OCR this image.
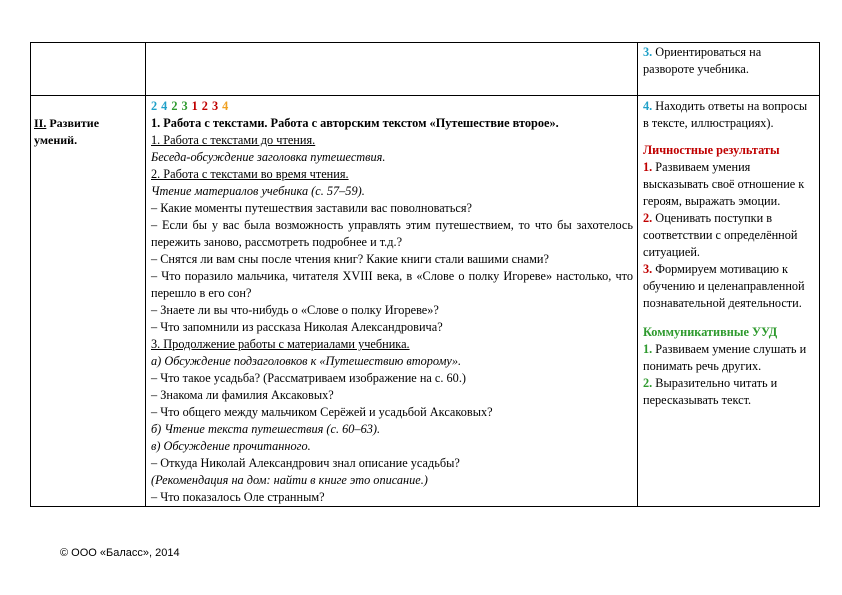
3. Ориентироваться на развороте учебника.

II. Развитие

умений.

2 4 2 3 1 2 3 4

1. Работа с текстами. Работа с авторским текстом «Путешествие второе».

1. Работа с текстами до чтения.

Беседа-обсуждение заголовка путешествия.

2. Работа с текстами во время чтения.

Чтение материалов учебника (с. 57–59).

– Какие моменты путешествия заставили вас поволноваться?

– Если бы у вас была возможность управлять этим путешествием, то что бы захотелось пережить заново, рассмотреть подробнее и т.д.?

– Снятся ли вам сны после чтения книг? Какие книги стали вашими снами?

– Что поразило мальчика, читателя XVIII века, в «Слове о полку Игореве» настолько, что перешло в его сон?

– Знаете ли вы что-нибудь о «Слове о полку Игореве»?

– Что запомнили из рассказа Николая Александровича?

3. Продолжение работы с материалами учебника.

а) Обсуждение подзаголовков к «Путешествию второму».

– Что такое усадьба? (Рассматриваем изображение на с. 60.)

– Знакома ли фамилия Аксаковых?

– Что общего между мальчиком Серёжей и усадьбой Аксаковых?

б) Чтение текста путешествия (с. 60–63).

в) Обсуждение прочитанного.

– Откуда Николай Александрович знал описание усадьбы?

(Рекомендация на дом: найти в книге это описание.)

– Что показалось Оле странным?

4. Находить ответы на вопросы в тексте, иллюстрациях).

Личностные результаты

1. Развиваем умения высказывать своё отношение к героям, выражать эмоции.

2. Оценивать поступки в соответствии с определённой ситуацией.

3. Формируем мотивацию к обучению и целенаправленной познавательной деятельности.

Коммуникативные УУД

1. Развиваем умение слушать и понимать речь других.

2. Выразительно читать и пересказывать текст.

© ООО «Баласс», 2014
